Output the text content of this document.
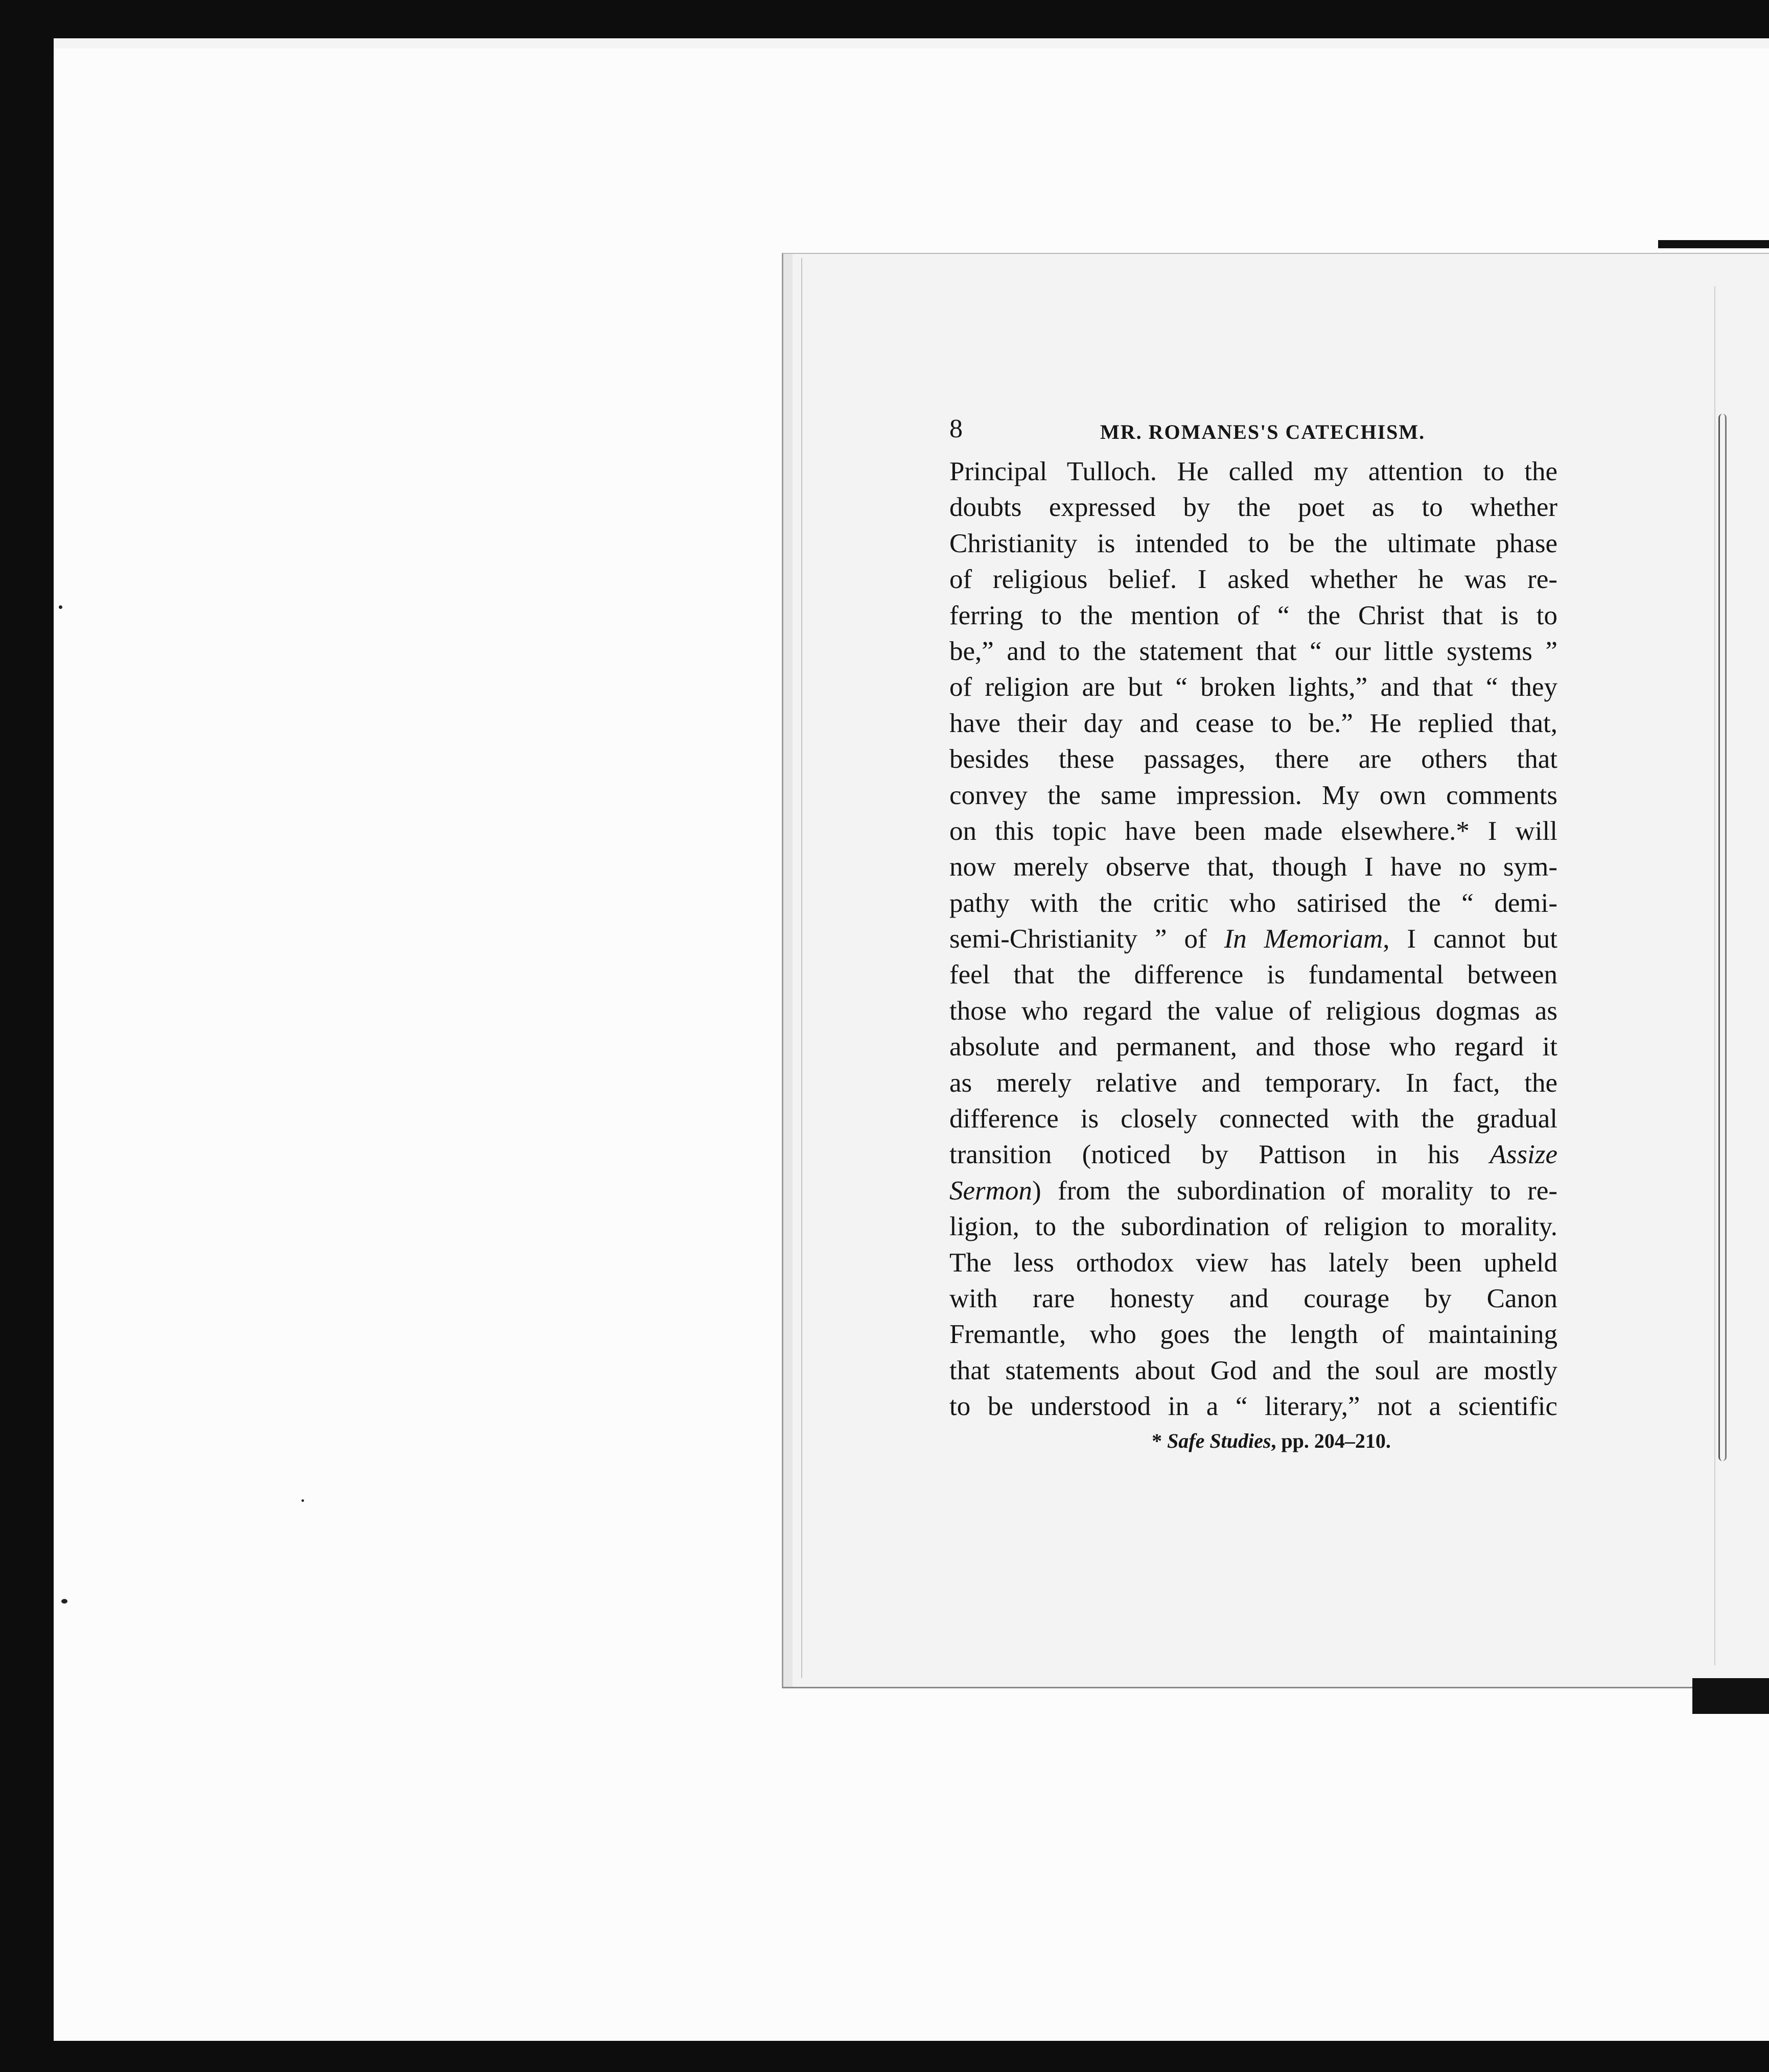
8	MR. ROMANES'S CATECHISM.
Principal Tulloch. He called my attention to the
doubts expressed by the poet as to whether
Christianity is intended to be the ultimate phase
of religious belief. I asked whether he was re-
ferring to the mention of “ the Christ that is to
be,” and to the statement that “ our little systems ”
of religion are but “ broken lights,” and that “ they
have their day and cease to be.” He replied that,
besides these passages, there are others that
convey the same impression. My own comments
on this topic have been made elsewhere.* I will
now merely observe that, though I have no sym-
pathy with the critic who satirised the “ demi-
semi-Christianity ” of In Memoriam, I cannot but
feel that the difference is fundamental between
those who regard the value of religious dogmas as
absolute and permanent, and those who regard it
as merely relative and temporary. In fact, the
difference is closely connected with the gradual
transition (noticed by Pattison in his Assize
Sermon) from the subordination of morality to re-
ligion, to the subordination of religion to morality.
The less orthodox view has lately been upheld
with rare honesty and courage by Canon
Fremantle, who goes the length of maintaining
that statements about God and the soul are mostly
to be understood in a “ literary,” not a scientific
* Safe Studies, pp. 204–210.
